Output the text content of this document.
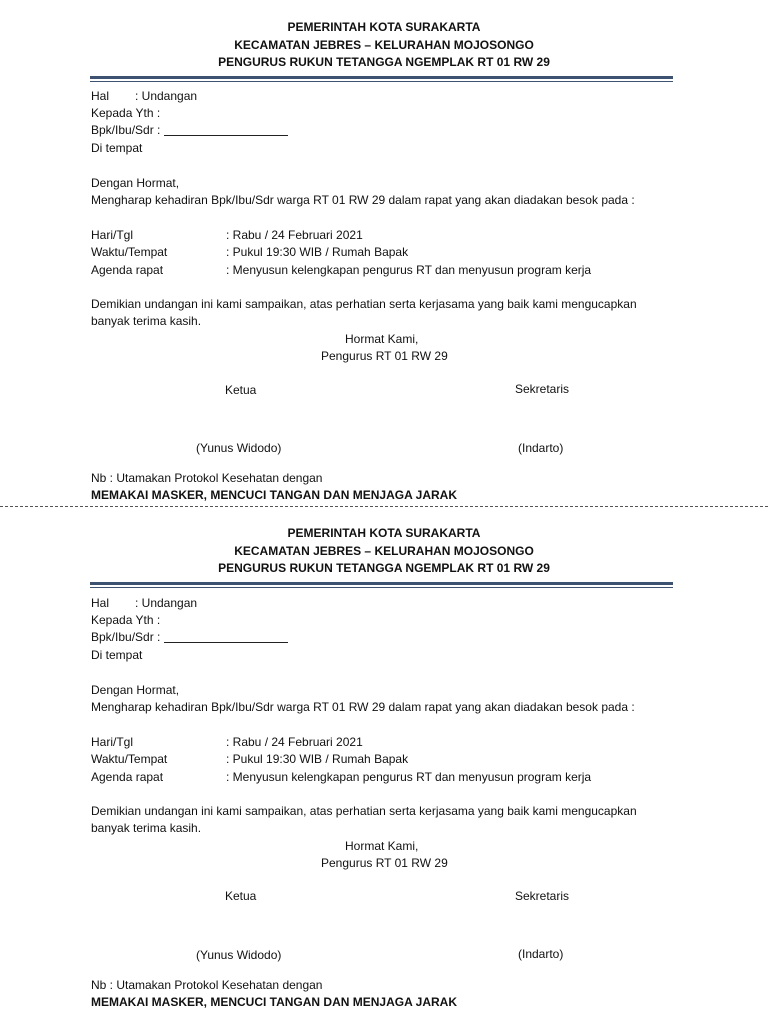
PEMERINTAH KOTA SURAKARTA
KECAMATAN JEBRES – KELURAHAN MOJOSONGO
PENGURUS RUKUN TETANGGA NGEMPLAK RT 01 RW 29
Hal : Undangan
Kepada Yth :
Bpk/Ibu/Sdr :
Di tempat
Dengan Hormat,
Mengharap kehadiran Bpk/Ibu/Sdr warga RT 01 RW 29 dalam rapat yang akan diadakan besok pada :
Hari/Tgl	: Rabu / 24 Februari 2021
Waktu/Tempat	: Pukul 19:30 WIB / Rumah Bapak
Agenda rapat	: Menyusun kelengkapan pengurus RT dan menyusun program kerja
Demikian undangan ini kami sampaikan, atas perhatian serta kerjasama yang baik kami mengucapkan
banyak terima kasih.
Hormat Kami,
Pengurus RT 01 RW 29
Ketua	Sekretaris
(Yunus Widodo)	(Indarto)
Nb : Utamakan Protokol Kesehatan dengan
MEMAKAI MASKER, MENCUCI TANGAN DAN MENJAGA JARAK
PEMERINTAH KOTA SURAKARTA
KECAMATAN JEBRES – KELURAHAN MOJOSONGO
PENGURUS RUKUN TETANGGA NGEMPLAK RT 01 RW 29
Hal : Undangan
Kepada Yth :
Bpk/Ibu/Sdr :
Di tempat
Dengan Hormat,
Mengharap kehadiran Bpk/Ibu/Sdr warga RT 01 RW 29 dalam rapat yang akan diadakan besok pada :
Hari/Tgl	: Rabu / 24 Februari 2021
Waktu/Tempat	: Pukul 19:30 WIB / Rumah Bapak
Agenda rapat	: Menyusun kelengkapan pengurus RT dan menyusun program kerja
Demikian undangan ini kami sampaikan, atas perhatian serta kerjasama yang baik kami mengucapkan
banyak terima kasih.
Hormat Kami,
Pengurus RT 01 RW 29
Ketua	Sekretaris
(Yunus Widodo)	(Indarto)
Nb : Utamakan Protokol Kesehatan dengan
MEMAKAI MASKER, MENCUCI TANGAN DAN MENJAGA JARAK
